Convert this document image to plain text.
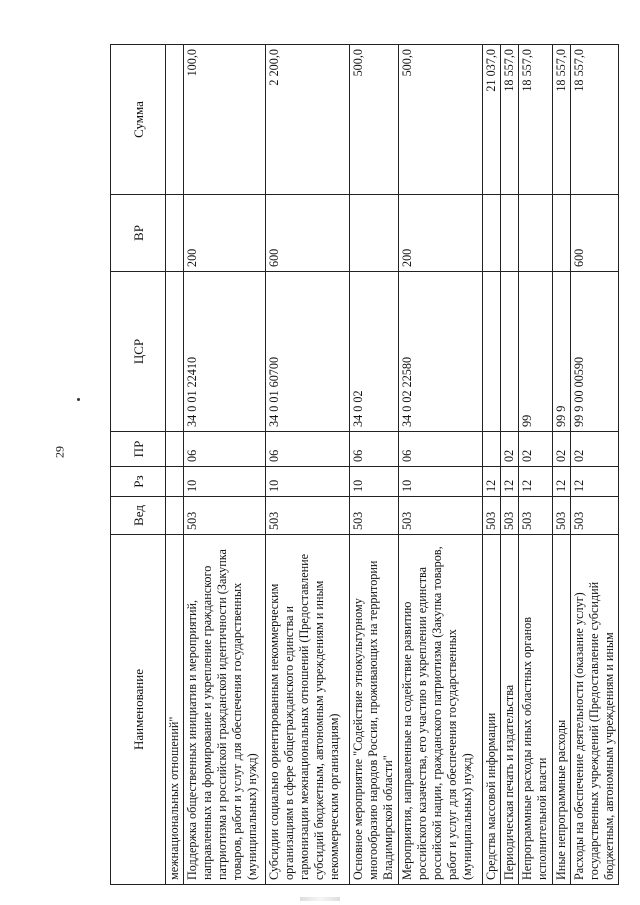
29
Наименование	Вед	Рз	ПР	ЦСР	ВР	Сумма
межнациональных отношений"						
Поддержка общественных инициатив и мероприятий, направленных на формирование и укрепление гражданского патриотизма и российской гражданской идентичности (Закупка товаров, работ и услуг для обеспечения государственных (муниципальных) нужд)	503	10	06	34 0 01 22410	200	100,0
Субсидии социально ориентированным некоммерческим организациям в сфере общегражданского единства и гармонизации межнациональных отношений (Предоставление субсидий бюджетным, автономным учреждениям и иным некоммерческим организациям)	503	10	06	34 0 01 60700	600	2 200,0
Основное мероприятие "Содействие этнокультурному многообразию народов России, проживающих на территории Владимирской области"	503	10	06	34 0 02		500,0
Мероприятия, направленные на содействие развитию российского казачества, его участию в укреплении единства российской нации, гражданского патриотизма (Закупка товаров, работ и услуг для обеспечения государственных (муниципальных) нужд)	503	10	06	34 0 02 22580	200	500,0
Средства массовой информации	503	12				21 037,0
Периодическая печать и издательства	503	12	02			18 557,0
Непрограммные расходы иных областных органов исполнительной власти	503	12	02	99		18 557,0
Иные непрограммные расходы	503	12	02	99 9		18 557,0
Расходы на обеспечение деятельности (оказание услуг) государственных учреждений (Предоставление субсидий бюджетным, автономным учреждениям и иным	503	12	02	99 9 00 00590	600	18 557,0
